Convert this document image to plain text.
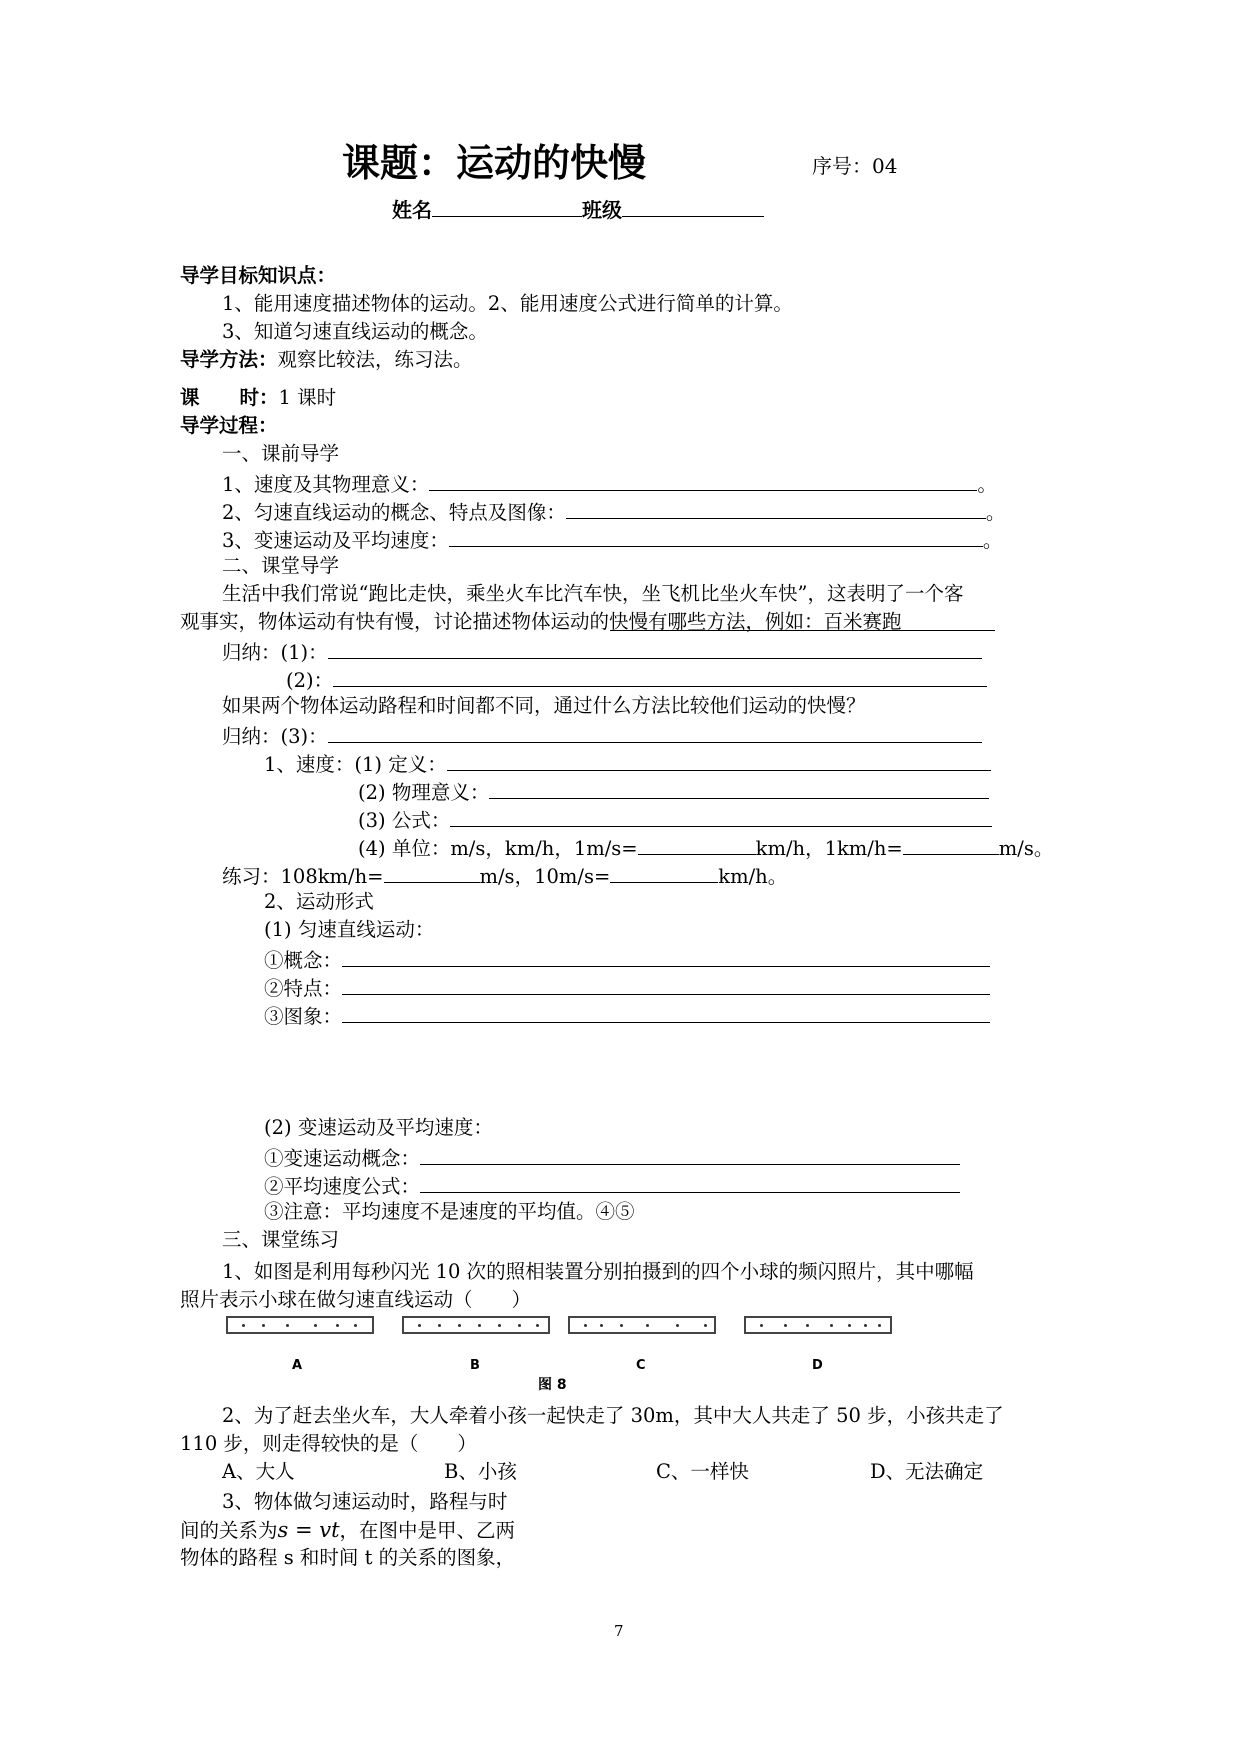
课题：运动的快慢	序号：04
姓名	班级
导学目标知识点：
1、能用速度描述物体的运动。2、能用速度公式进行简单的计算。
3、知道匀速直线运动的概念。
导学方法：观察比较法，练习法。
课 时：1 课时
导学过程：
一、课前导学
1、速度及其物理意义：	。
2、匀速直线运动的概念、特点及图像：	。
3、变速运动及平均速度：	。
二、课堂导学
生活中我们常说“跑比走快，乘坐火车比汽车快，坐飞机比坐火车快”，这表明了一个客
观事实，物体运动有快有慢，讨论描述物体运动的快慢有哪些方法，例如：百米赛跑
归纳：(1)：
(2)：
如果两个物体运动路程和时间都不同，通过什么方法比较他们运动的快慢？
归纳：(3)：
1、速度：(1) 定义：
(2) 物理意义：
(3) 公式：
(4) 单位：m/s，km/h，1m/s=	km/h，1km/h=	m/s。
练习：108km/h=	m/s，10m/s=	km/h。
2、运动形式
(1) 匀速直线运动：
①概念：
②特点：
③图象：
(2) 变速运动及平均速度：
①变速运动概念：
②平均速度公式：
③注意：平均速度不是速度的平均值。④⑤
三、课堂练习
1、如图是利用每秒闪光 10 次的照相装置分别拍摄到的四个小球的频闪照片，其中哪幅
照片表示小球在做匀速直线运动（　　）
A	B	C	D
图 8
2、为了赶去坐火车，大人牵着小孩一起快走了 30m，其中大人共走了 50 步，小孩共走了
110 步，则走得较快的是（　　）
A、大人	B、小孩	C、一样快	D、无法确定
3、物体做匀速运动时，路程与时
间的关系为s = vt，在图中是甲、乙两
物体的路程 s 和时间 t 的关系的图象，
7
